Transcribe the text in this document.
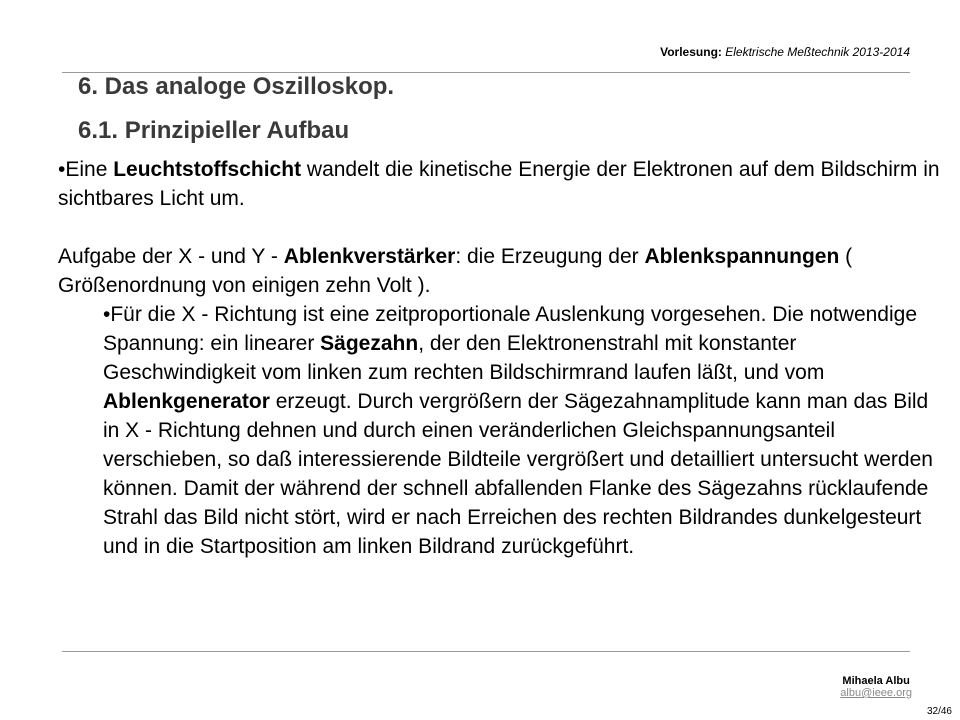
Vorlesung: Elektrische Meßtechnik 2013-2014
6. Das analoge Oszilloskop.
6.1. Prinzipieller Aufbau

•Eine Leuchtstoffschicht wandelt die kinetische Energie der Elektronen auf dem Bildschirm in sichtbares Licht um.

Aufgabe der X - und Y - Ablenkverstärker: die Erzeugung der Ablenkspannungen ( Größenordnung von einigen zehn Volt ).

•Für die X - Richtung ist eine zeitproportionale Auslenkung vorgesehen. Die notwendige Spannung: ein linearer Sägezahn, der den Elektronenstrahl mit konstanter Geschwindigkeit vom linken zum rechten Bildschirmrand laufen läßt, und vom Ablenkgenerator erzeugt. Durch vergrößern der Sägezahnamplitude kann man das Bild in X - Richtung dehnen und durch einen veränderlichen Gleichspannungsanteil verschieben, so daß interessierende Bildteile vergrößert und detailliert untersucht werden können. Damit der während der schnell abfallenden Flanke des Sägezahns rücklaufende Strahl das Bild nicht stört, wird er nach Erreichen des rechten Bildrandes dunkelgesteurt und in die Startposition am linken Bildrand zurückgeführt.

Mihaela Albu
albu@ieee.org
32/46
